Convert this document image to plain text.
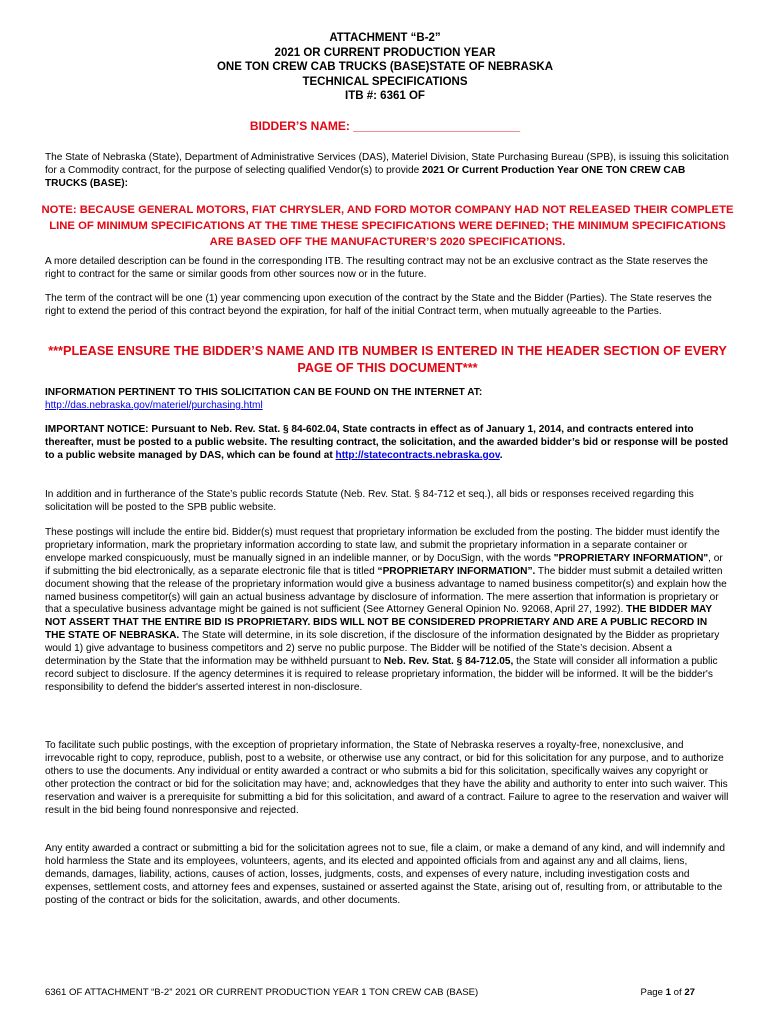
ATTACHMENT “B-2”
2021 OR CURRENT PRODUCTION YEAR
ONE TON CREW CAB TRUCKS (BASE)STATE OF NEBRASKA
TECHNICAL SPECIFICATIONS
ITB #: 6361 OF
BIDDER’S NAME: _________________________
The State of Nebraska (State), Department of Administrative Services (DAS), Materiel Division, State Purchasing Bureau (SPB), is issuing this solicitation for a Commodity contract, for the purpose of selecting qualified Vendor(s) to provide 2021 Or Current Production Year ONE TON CREW CAB TRUCKS (BASE):
NOTE: BECAUSE GENERAL MOTORS, FIAT CHRYSLER, AND FORD MOTOR COMPANY HAD NOT RELEASED THEIR COMPLETE LINE OF MINIMUM SPECIFICATIONS AT THE TIME THESE SPECIFICATIONS WERE DEFINED; THE MINIMUM SPECIFICATIONS ARE BASED OFF THE MANUFACTURER’S 2020 SPECIFICATIONS.
A more detailed description can be found in the corresponding ITB. The resulting contract may not be an exclusive contract as the State reserves the right to contract for the same or similar goods from other sources now or in the future.
The term of the contract will be one (1) year commencing upon execution of the contract by the State and the Bidder (Parties). The State reserves the right to extend the period of this contract beyond the expiration, for half of the initial Contract term, when mutually agreeable to the Parties.
***PLEASE ENSURE THE BIDDER’S NAME AND ITB NUMBER IS ENTERED IN THE HEADER SECTION OF EVERY PAGE OF THIS DOCUMENT***
INFORMATION PERTINENT TO THIS SOLICITATION CAN BE FOUND ON THE INTERNET AT:
http://das.nebraska.gov/materiel/purchasing.html
IMPORTANT NOTICE: Pursuant to Neb. Rev. Stat. § 84-602.04, State contracts in effect as of January 1, 2014, and contracts entered into thereafter, must be posted to a public website. The resulting contract, the solicitation, and the awarded bidder’s bid or response will be posted to a public website managed by DAS, which can be found at http://statecontracts.nebraska.gov.
In addition and in furtherance of the State’s public records Statute (Neb. Rev. Stat. § 84-712 et seq.), all bids or responses received regarding this solicitation will be posted to the SPB public website.
These postings will include the entire bid. Bidder(s) must request that proprietary information be excluded from the posting. The bidder must identify the proprietary information, mark the proprietary information according to state law, and submit the proprietary information in a separate container or envelope marked conspicuously, must be manually signed in an indelible manner, or by DocuSign, with the words "PROPRIETARY INFORMATION", or if submitting the bid electronically, as a separate electronic file that is titled “PROPRIETARY INFORMATION”. The bidder must submit a detailed written document showing that the release of the proprietary information would give a business advantage to named business competitor(s) and explain how the named business competitor(s) will gain an actual business advantage by disclosure of information. The mere assertion that information is proprietary or that a speculative business advantage might be gained is not sufficient (See Attorney General Opinion No. 92068, April 27, 1992). THE BIDDER MAY NOT ASSERT THAT THE ENTIRE BID IS PROPRIETARY. BIDS WILL NOT BE CONSIDERED PROPRIETARY AND ARE A PUBLIC RECORD IN THE STATE OF NEBRASKA. The State will determine, in its sole discretion, if the disclosure of the information designated by the Bidder as proprietary would 1) give advantage to business competitors and 2) serve no public purpose. The Bidder will be notified of the State’s decision. Absent a determination by the State that the information may be withheld pursuant to Neb. Rev. Stat. § 84-712.05, the State will consider all information a public record subject to disclosure. If the agency determines it is required to release proprietary information, the bidder will be informed. It will be the bidder's responsibility to defend the bidder's asserted interest in non-disclosure.
To facilitate such public postings, with the exception of proprietary information, the State of Nebraska reserves a royalty-free, nonexclusive, and irrevocable right to copy, reproduce, publish, post to a website, or otherwise use any contract, or bid for this solicitation for any purpose, and to authorize others to use the documents. Any individual or entity awarded a contract or who submits a bid for this solicitation, specifically waives any copyright or other protection the contract or bid for the solicitation may have; and, acknowledges that they have the ability and authority to enter into such waiver. This reservation and waiver is a prerequisite for submitting a bid for this solicitation, and award of a contract. Failure to agree to the reservation and waiver will result in the bid being found nonresponsive and rejected.
Any entity awarded a contract or submitting a bid for the solicitation agrees not to sue, file a claim, or make a demand of any kind, and will indemnify and hold harmless the State and its employees, volunteers, agents, and its elected and appointed officials from and against any and all claims, liens, demands, damages, liability, actions, causes of action, losses, judgments, costs, and expenses of every nature, including investigation costs and expenses, settlement costs, and attorney fees and expenses, sustained or asserted against the State, arising out of, resulting from, or attributable to the posting of the contract or bids for the solicitation, awards, and other documents.
6361 OF ATTACHMENT “B-2” 2021 OR CURRENT PRODUCTION YEAR 1 TON CREW CAB (BASE)	Page 1 of 27
